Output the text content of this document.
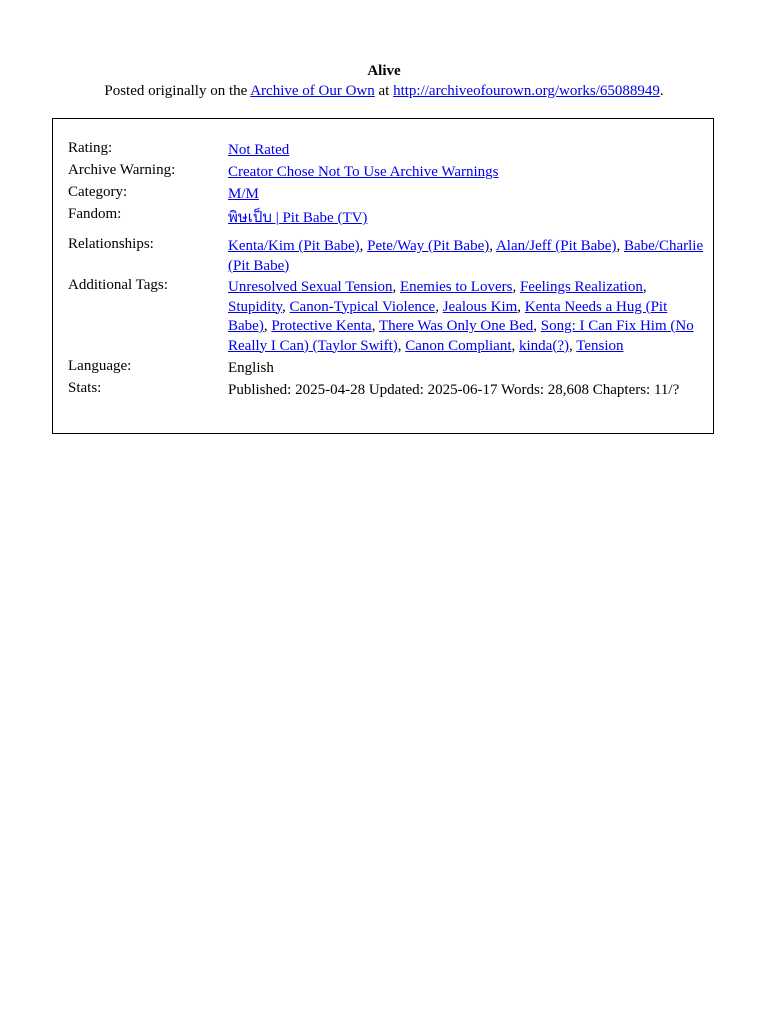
Alive
Posted originally on the Archive of Our Own at http://archiveofourown.org/works/65088949.
Rating:	Not Rated
Archive Warning:	Creator Chose Not To Use Archive Warnings
Category:	M/M
Fandom:	พิษเป็บ | Pit Babe (TV)
Relationships:	Kenta/Kim (Pit Babe), Pete/Way (Pit Babe), Alan/Jeff (Pit Babe), Babe/Charlie (Pit Babe)
Additional Tags:	Unresolved Sexual Tension, Enemies to Lovers, Feelings Realization, Stupidity, Canon-Typical Violence, Jealous Kim, Kenta Needs a Hug (Pit Babe), Protective Kenta, There Was Only One Bed, Song: I Can Fix Him (No Really I Can) (Taylor Swift), Canon Compliant, kinda(?), Tension
Language:	English
Stats:	Published: 2025-04-28 Updated: 2025-06-17 Words: 28,608 Chapters: 11/?
